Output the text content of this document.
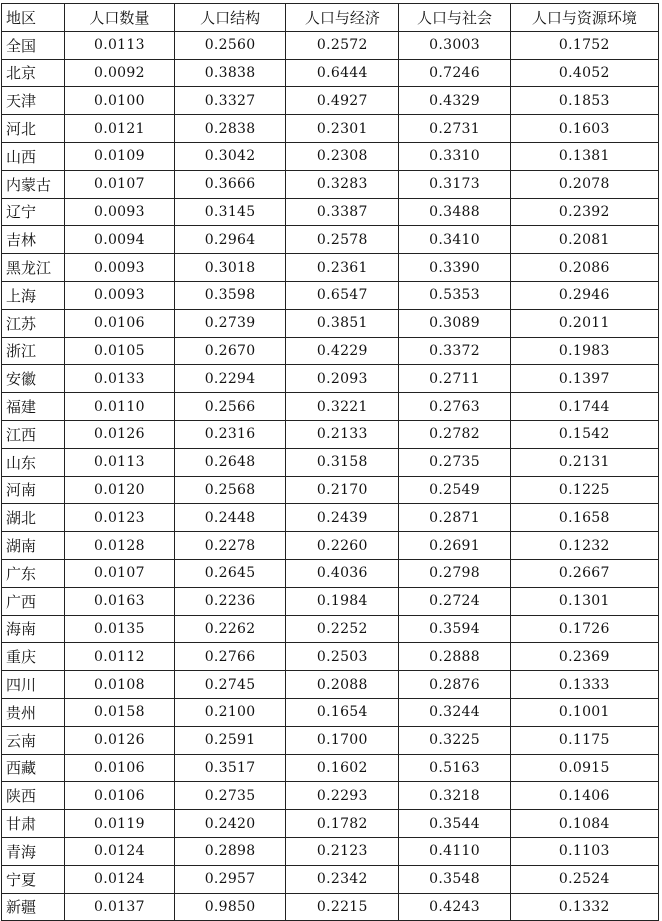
地区	人口数量	人口结构	人口与经济	人口与社会	人口与资源环境
全国	0.0113	0.2560	0.2572	0.3003	0.1752
北京	0.0092	0.3838	0.6444	0.7246	0.4052
天津	0.0100	0.3327	0.4927	0.4329	0.1853
河北	0.0121	0.2838	0.2301	0.2731	0.1603
山西	0.0109	0.3042	0.2308	0.3310	0.1381
内蒙古	0.0107	0.3666	0.3283	0.3173	0.2078
辽宁	0.0093	0.3145	0.3387	0.3488	0.2392
吉林	0.0094	0.2964	0.2578	0.3410	0.2081
黑龙江	0.0093	0.3018	0.2361	0.3390	0.2086
上海	0.0093	0.3598	0.6547	0.5353	0.2946
江苏	0.0106	0.2739	0.3851	0.3089	0.2011
浙江	0.0105	0.2670	0.4229	0.3372	0.1983
安徽	0.0133	0.2294	0.2093	0.2711	0.1397
福建	0.0110	0.2566	0.3221	0.2763	0.1744
江西	0.0126	0.2316	0.2133	0.2782	0.1542
山东	0.0113	0.2648	0.3158	0.2735	0.2131
河南	0.0120	0.2568	0.2170	0.2549	0.1225
湖北	0.0123	0.2448	0.2439	0.2871	0.1658
湖南	0.0128	0.2278	0.2260	0.2691	0.1232
广东	0.0107	0.2645	0.4036	0.2798	0.2667
广西	0.0163	0.2236	0.1984	0.2724	0.1301
海南	0.0135	0.2262	0.2252	0.3594	0.1726
重庆	0.0112	0.2766	0.2503	0.2888	0.2369
四川	0.0108	0.2745	0.2088	0.2876	0.1333
贵州	0.0158	0.2100	0.1654	0.3244	0.1001
云南	0.0126	0.2591	0.1700	0.3225	0.1175
西藏	0.0106	0.3517	0.1602	0.5163	0.0915
陕西	0.0106	0.2735	0.2293	0.3218	0.1406
甘肃	0.0119	0.2420	0.1782	0.3544	0.1084
青海	0.0124	0.2898	0.2123	0.4110	0.1103
宁夏	0.0124	0.2957	0.2342	0.3548	0.2524
新疆	0.0137	0.9850	0.2215	0.4243	0.1332
